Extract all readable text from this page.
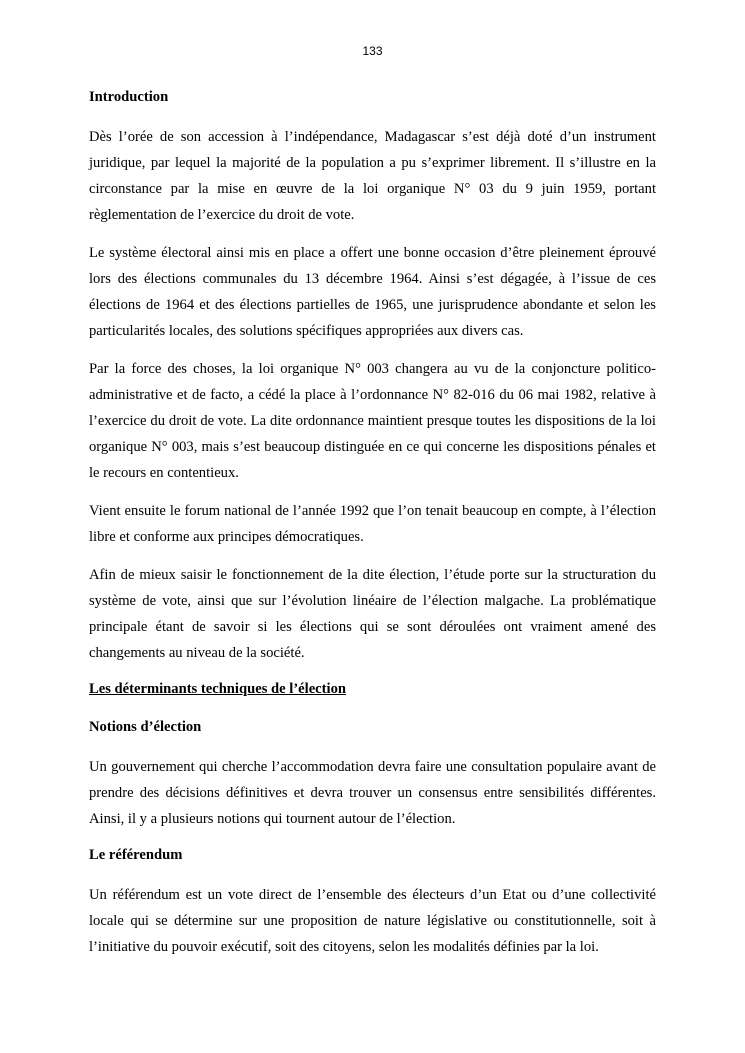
133
Introduction

Dès l’orée de son accession à l’indépendance, Madagascar s’est déjà doté d’un instrument juridique, par lequel la majorité de la population a pu s’exprimer librement. Il s’illustre en la circonstance par la mise en œuvre de la loi organique N° 03 du 9 juin 1959, portant règlementation de l’exercice du droit de vote.

Le système électoral ainsi mis en place a offert une bonne occasion d’être pleinement éprouvé lors des élections communales du 13 décembre 1964. Ainsi s’est dégagée, à l’issue de ces élections de 1964 et des élections partielles de 1965, une jurisprudence abondante et selon les particularités locales, des solutions spécifiques appropriées aux divers cas.

Par la force des choses, la loi organique N° 003 changera au vu de la conjoncture politico-administrative et de facto, a cédé la place à l’ordonnance N° 82-016 du 06 mai 1982, relative à l’exercice du droit de vote. La dite ordonnance maintient presque toutes les dispositions de la loi organique N° 003, mais s’est beaucoup distinguée en ce qui concerne les dispositions pénales et le recours en contentieux.

Vient ensuite le forum national de l’année 1992 que l’on tenait beaucoup en compte, à l’élection libre et conforme aux principes démocratiques.

Afin de mieux saisir le fonctionnement de la dite élection, l’étude porte sur la structuration du système de vote, ainsi que sur l’évolution linéaire de l’élection malgache. La problématique principale étant de savoir si les élections qui se sont déroulées ont vraiment amené des changements au niveau de la société.

Les déterminants techniques de l’élection
Notions d’élection

Un gouvernement qui cherche l’accommodation devra faire une consultation populaire avant de prendre des décisions définitives et devra trouver un consensus entre sensibilités différentes. Ainsi, il y a plusieurs notions qui tournent autour de l’élection.

Le référendum

Un référendum est un vote direct de l’ensemble des électeurs d’un Etat ou d’une collectivité locale qui se détermine sur une proposition de nature législative ou constitutionnelle, soit à l’initiative du pouvoir exécutif, soit des citoyens, selon les modalités définies par la loi.
